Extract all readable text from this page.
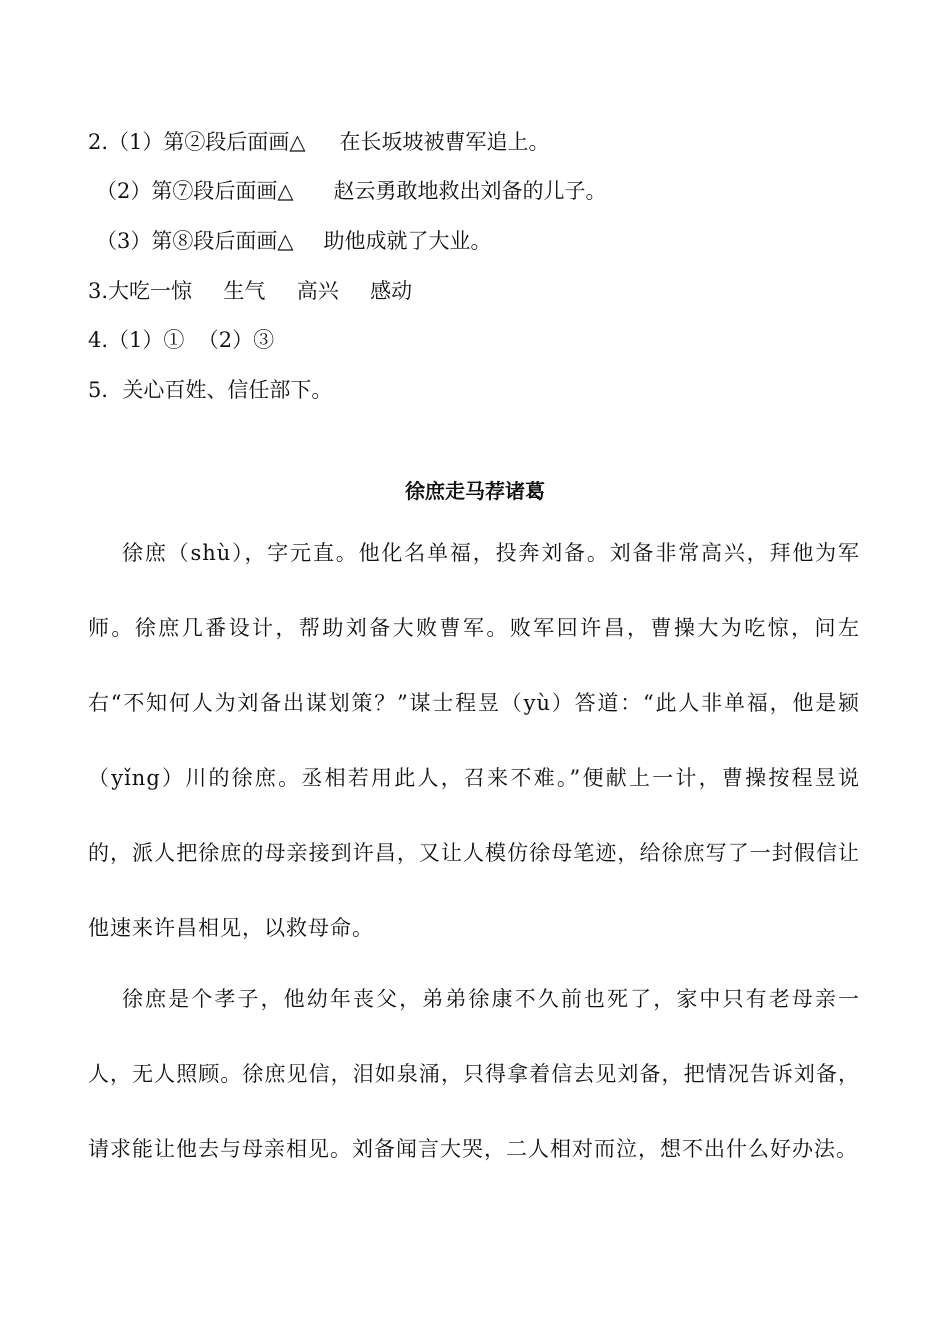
2.（1）第②段后面画△ 在长坂坡被曹军追上。
（2）第⑦段后面画△ 赵云勇敢地救出刘备的儿子。
（3）第⑧段后面画△ 助他成就了大业。
3.大吃一惊 生气 高兴 感动
4.（1）①  （2）③
5．关心百姓、信任部下。
徐庶走马荐诸葛
徐庶（shù），字元直。他化名单福，投奔刘备。刘备非常高兴，拜他为军师。徐庶几番设计，帮助刘备大败曹军。败军回许昌，曹操大为吃惊，问左右“不知何人为刘备出谋划策？”谋士程昱（yù）答道：“此人非单福，他是颍（yǐng）川的徐庶。丞相若用此人，召来不难。”便献上一计，曹操按程昱说的，派人把徐庶的母亲接到许昌，又让人模仿徐母笔迹，给徐庶写了一封假信让他速来许昌相见，以救母命。
徐庶是个孝子，他幼年丧父，弟弟徐康不久前也死了，家中只有老母亲一人，无人照顾。徐庶见信，泪如泉涌，只得拿着信去见刘备，把情况告诉刘备，请求能让他去与母亲相见。刘备闻言大哭，二人相对而泣，想不出什么好办法。
